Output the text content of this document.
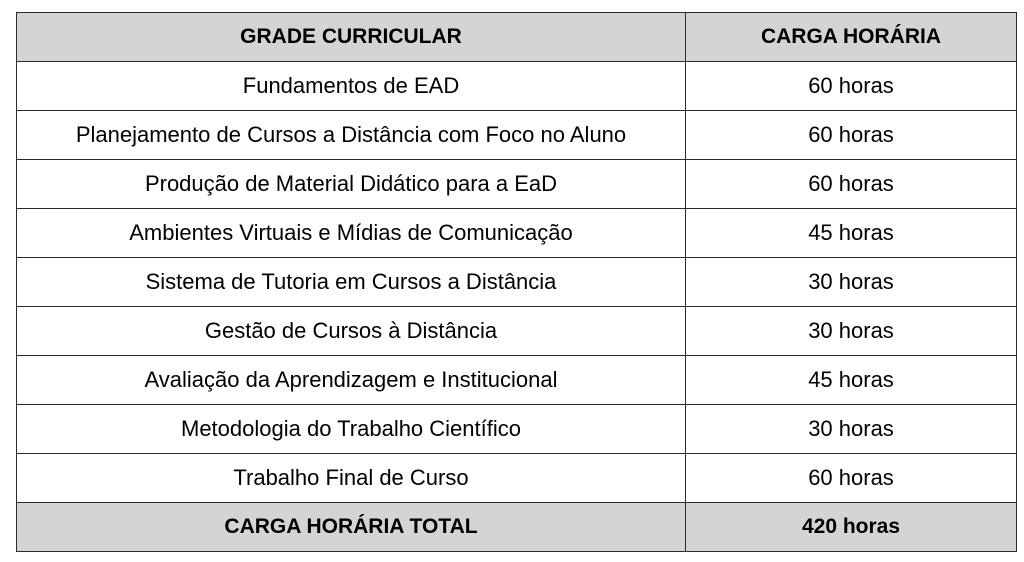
GRADE CURRICULAR	CARGA HORÁRIA
Fundamentos de EAD	60 horas
Planejamento de Cursos a Distância com Foco no Aluno	60 horas
Produção de Material Didático para a EaD	60 horas
Ambientes Virtuais e Mídias de Comunicação	45 horas
Sistema de Tutoria em Cursos a Distância	30 horas
Gestão de Cursos à Distância	30 horas
Avaliação da Aprendizagem e Institucional	45 horas
Metodologia do Trabalho Científico	30 horas
Trabalho Final de Curso	60 horas
CARGA HORÁRIA TOTAL	420 horas
